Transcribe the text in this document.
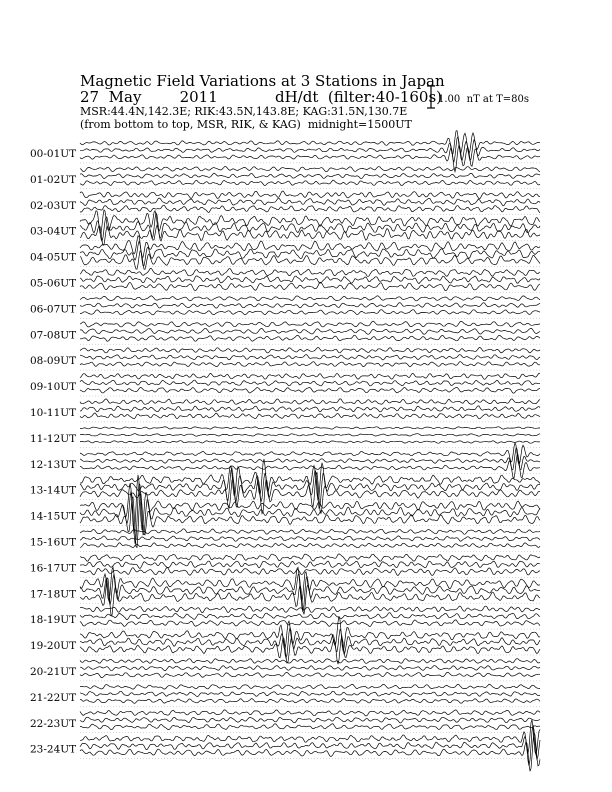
Magnetic Field Variations at 3 Stations in Japan
27 May	2011	dH/dt (filter:40-160s)
MSR:44.4N,142.3E; RIK:43.5N,143.8E; KAG:31.5N,130.7E
(from bottom to top, MSR, RIK, & KAG) midnight=1500UT
1.00  nT at T=80s
00-01UT
01-02UT
02-03UT
03-04UT
04-05UT
05-06UT
06-07UT
07-08UT
08-09UT
09-10UT
10-11UT
11-12UT
12-13UT
13-14UT
14-15UT
15-16UT
16-17UT
17-18UT
18-19UT
19-20UT
20-21UT
21-22UT
22-23UT
23-24UT
